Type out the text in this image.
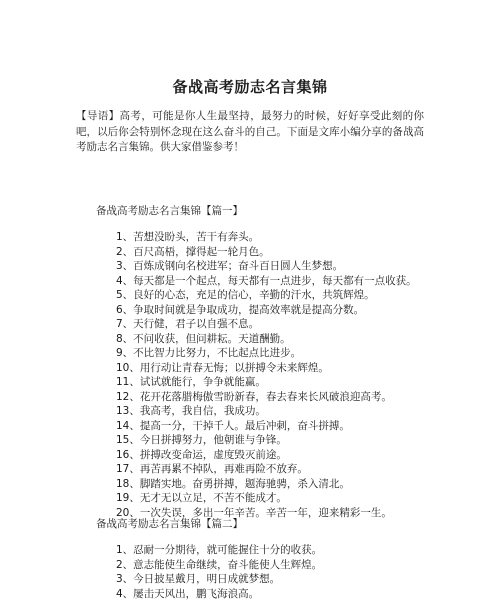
备战高考励志名言集锦
【导语】高考，可能是你人生最坚持，最努力的时候，好好享受此刻的你吧，以后你会特别怀念现在这么奋斗的自己。下面是文库小编分享的备战高考励志名言集锦。供大家借鉴参考！
备战高考励志名言集锦【篇一】
1、苦想没盼头，苦干有奔头。
2、百尺高梧，撑得起一轮月色。
3、百炼成钢向名校进军；奋斗百日圆人生梦想。
4、每天都是一个起点，每天都有一点进步，每天都有一点收获。
5、良好的心态，充足的信心，辛勤的汗水，共筑辉煌。
6、争取时间就是争取成功，提高效率就是提高分数。
7、天行健，君子以自强不息。
8、不问收获，但问耕耘。天道酬勤。
9、不比智力比努力，不比起点比进步。
10、用行动让青春无悔；以拼搏令未来辉煌。
11、试试就能行，争争就能赢。
12、花开花落腊梅傲雪盼新春，春去春来长风破浪迎高考。
13、我高考，我自信，我成功。
14、提高一分，干掉千人。最后冲刺，奋斗拼搏。
15、今日拼搏努力，他朝谁与争锋。
16、拼搏改变命运，虚度毁灭前途。
17、再苦再累不掉队，再难再险不放弃。
18、脚踏实地。奋勇拼搏，题海驰骋，杀入清北。
19、无才无以立足，不苦不能成才。
20、一次失误，多出一年辛苦。辛苦一年，迎来精彩一生。
备战高考励志名言集锦【篇二】
1、忍耐一分期待，就可能握住十分的收获。
2、意志能使生命继续，奋斗能使人生辉煌。
3、今日披星戴月，明日成就梦想。
4、屡击天风出，鹏飞海浪高。
